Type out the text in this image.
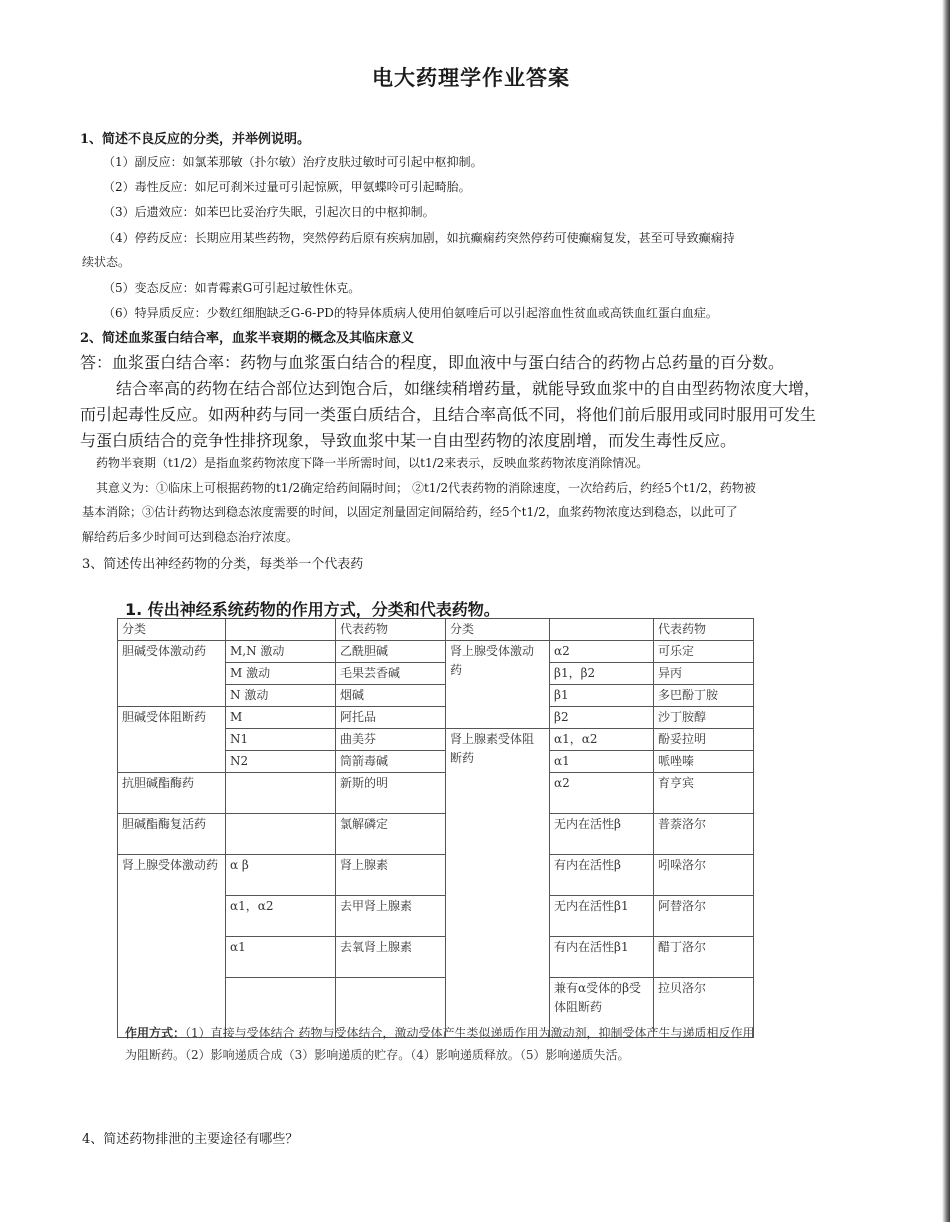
电大药理学作业答案
1、简述不良反应的分类，并举例说明。
（1）副反应：如氯苯那敏（扑尔敏）治疗皮肤过敏时可引起中枢抑制。
（2）毒性反应：如尼可刹米过量可引起惊厥，甲氨蝶呤可引起畸胎。
（3）后遗效应：如苯巴比妥治疗失眠，引起次日的中枢抑制。
（4）停药反应：长期应用某些药物，突然停药后原有疾病加剧，如抗癫痫药突然停药可使癫痫复发，甚至可导致癫痫持
续状态。
（5）变态反应：如青霉素G可引起过敏性休克。
（6）特异质反应：少数红细胞缺乏G-6-PD的特异体质病人使用伯氨喹后可以引起溶血性贫血或高铁血红蛋白血症。
2、简述血浆蛋白结合率，血浆半衰期的概念及其临床意义
答：血浆蛋白结合率：药物与血浆蛋白结合的程度，即血液中与蛋白结合的药物占总药量的百分数。
结合率高的药物在结合部位达到饱合后，如继续稍增药量，就能导致血浆中的自由型药物浓度大增，
而引起毒性反应。如两种药与同一类蛋白质结合，且结合率高低不同，将他们前后服用或同时服用可发生
与蛋白质结合的竞争性排挤现象，导致血浆中某一自由型药物的浓度剧增，而发生毒性反应。
药物半衰期（t1/2）是指血浆药物浓度下降一半所需时间，以t1/2来表示，反映血浆药物浓度消除情况。
其意义为：①临床上可根据药物的t1/2确定给药间隔时间； ②t1/2代表药物的消除速度，一次给药后，约经5个t1/2，药物被
基本消除；③估计药物达到稳态浓度需要的时间，以固定剂量固定间隔给药，经5个t1/2，血浆药物浓度达到稳态，以此可了
解给药后多少时间可达到稳态治疗浓度。
3、简述传出神经药物的分类，每类举一个代表药
1. 传出神经系统药物的作用方式，分类和代表药物。
分类		代表药物	分类		代表药物
胆碱受体激动药	M,N 激动	乙酰胆碱	肾上腺受体激动药	α2	可乐定
	M 激动	毛果芸香碱		β1，β2	异丙
	N 激动	烟碱		β1	多巴酚丁胺
胆碱受体阻断药	M	阿托品		β2	沙丁胺醇
	N1	曲美芬	肾上腺素受体阻断药	α1，α2	酚妥拉明
	N2	筒箭毒碱		α1	哌唑嗪
抗胆碱酯酶药		新斯的明		α2	育亨宾
胆碱酯酶复活药		氯解磷定		无内在活性β	普萘洛尔
肾上腺受体激动药	α β	肾上腺素		有内在活性β	吲哚洛尔
	α1，α2	去甲肾上腺素		无内在活性β1	阿替洛尔
	α1	去氧肾上腺素		有内在活性β1	醋丁洛尔
				兼有α受体的β受体阻断药	拉贝洛尔
作用方式：（1）直接与受体结合 药物与受体结合，激动受体产生类似递质作用为激动剂，抑制受体产生与递质相反作用为阻断药。（2）影响递质合成（3）影响递质的贮存。（4）影响递质释放。（5）影响递质失活。
4、简述药物排泄的主要途径有哪些？
